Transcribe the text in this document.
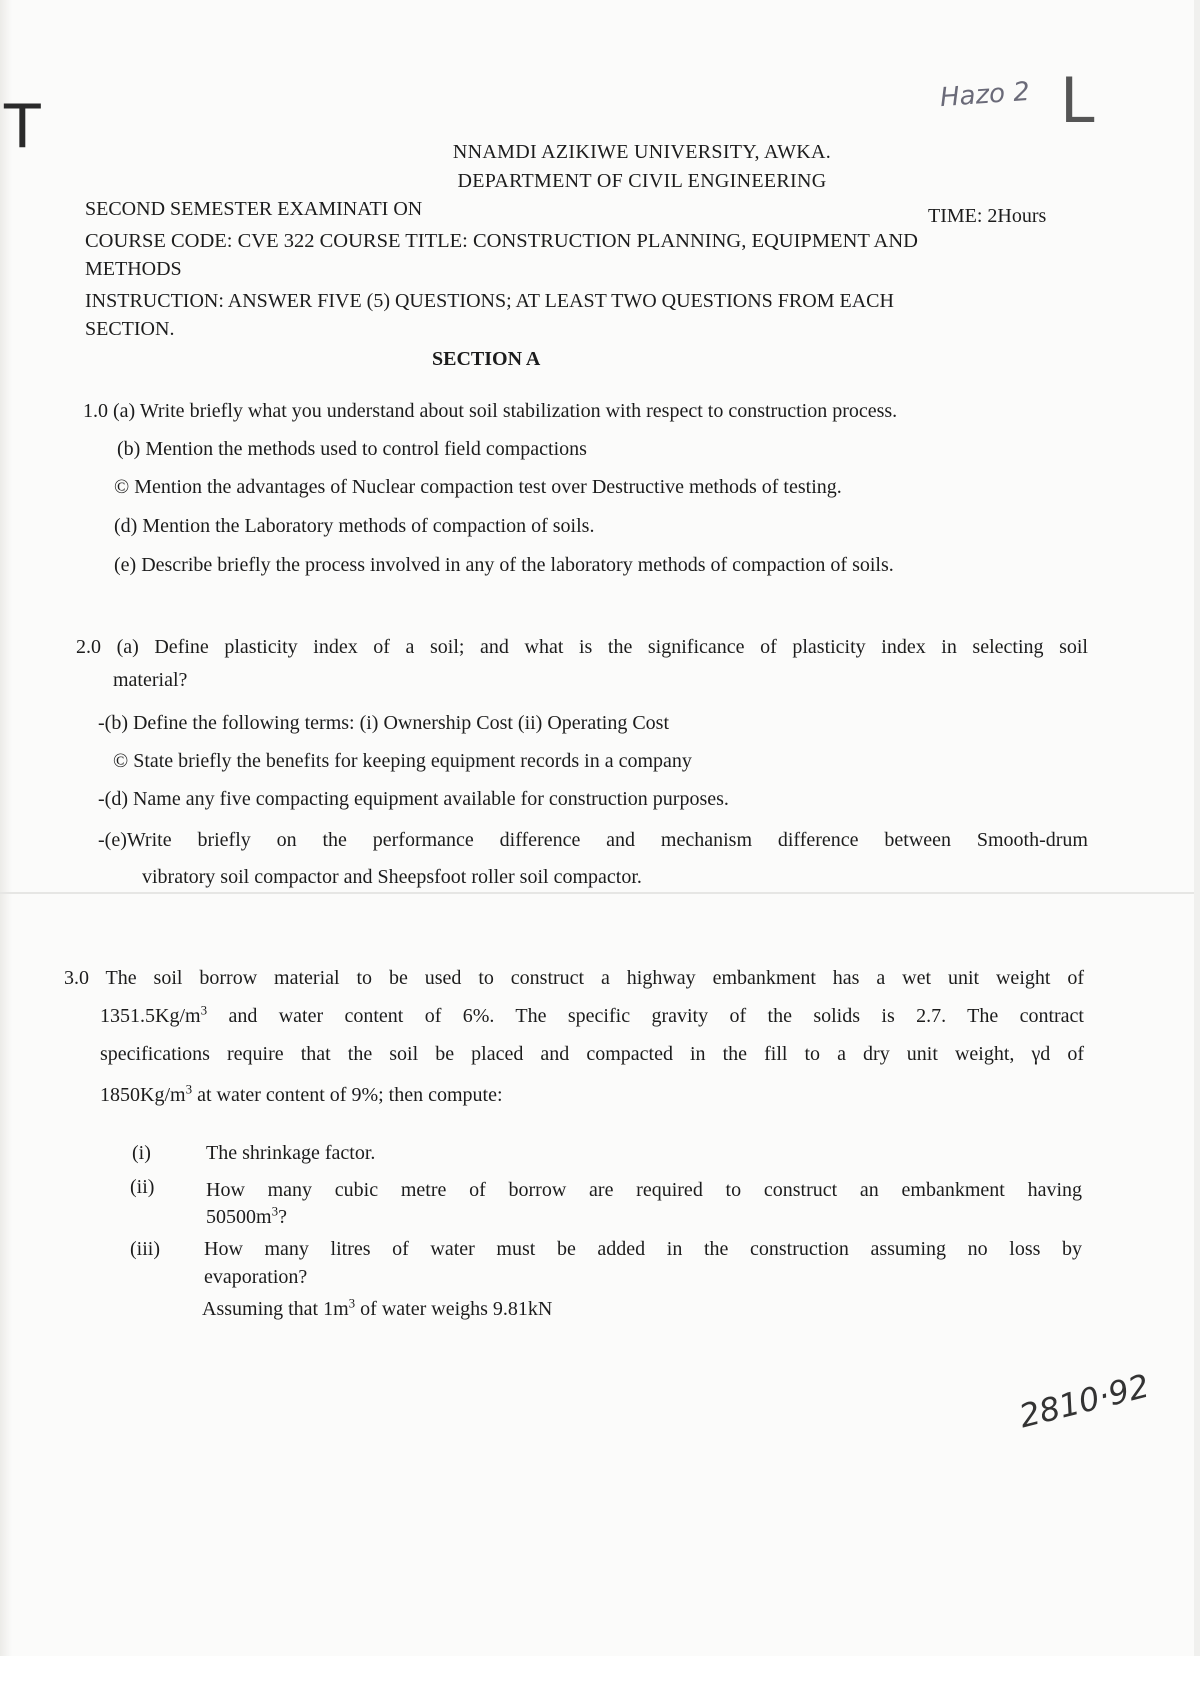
T	Hazo 2 L
2810·92
NNAMDI AZIKIWE UNIVERSITY, AWKA.
DEPARTMENT OF CIVIL ENGINEERING
SECOND SEMESTER EXAMINATI ON	TIME: 2Hours
COURSE CODE: CVE 322 COURSE TITLE: CONSTRUCTION PLANNING, EQUIPMENT AND
METHODS
INSTRUCTION: ANSWER FIVE (5) QUESTIONS; AT LEAST TWO QUESTIONS FROM EACH
SECTION.
SECTION A
1.0 (a) Write briefly what you understand about soil stabilization with respect to construction process.
(b) Mention the methods used to control field compactions
© Mention the advantages of Nuclear compaction test over Destructive methods of testing.
(d) Mention the Laboratory methods of compaction of soils.
(e) Describe briefly the process involved in any of the laboratory methods of compaction of soils.
2.0 (a) Define plasticity index of a soil; and what is the significance of plasticity index in selecting soil
material?
-(b) Define the following terms: (i) Ownership Cost (ii) Operating Cost
© State briefly the benefits for keeping equipment records in a company
-(d) Name any five compacting equipment available for construction purposes.
-(e)Write briefly on the performance difference and mechanism difference between Smooth-drum
vibratory soil compactor and Sheepsfoot roller soil compactor.
3.0 The soil borrow material to be used to construct a highway embankment has a wet unit weight of
$1351.5Kg/m^3$ and water content of 6%. The specific gravity of the solids is 2.7. The contract
specifications require that the soil be placed and compacted in the fill to a dry unit weight, γd of
$1850Kg/m^3$ at water content of 9%; then compute:
(i)	The shrinkage factor.
(ii)	How many cubic metre of borrow are required to construct an embankment having
$50500m^3$?
(iii) How many litres of water must be added in the construction assuming no loss by
evaporation?
Assuming that $1m^3$ of water weighs 9.81kN
